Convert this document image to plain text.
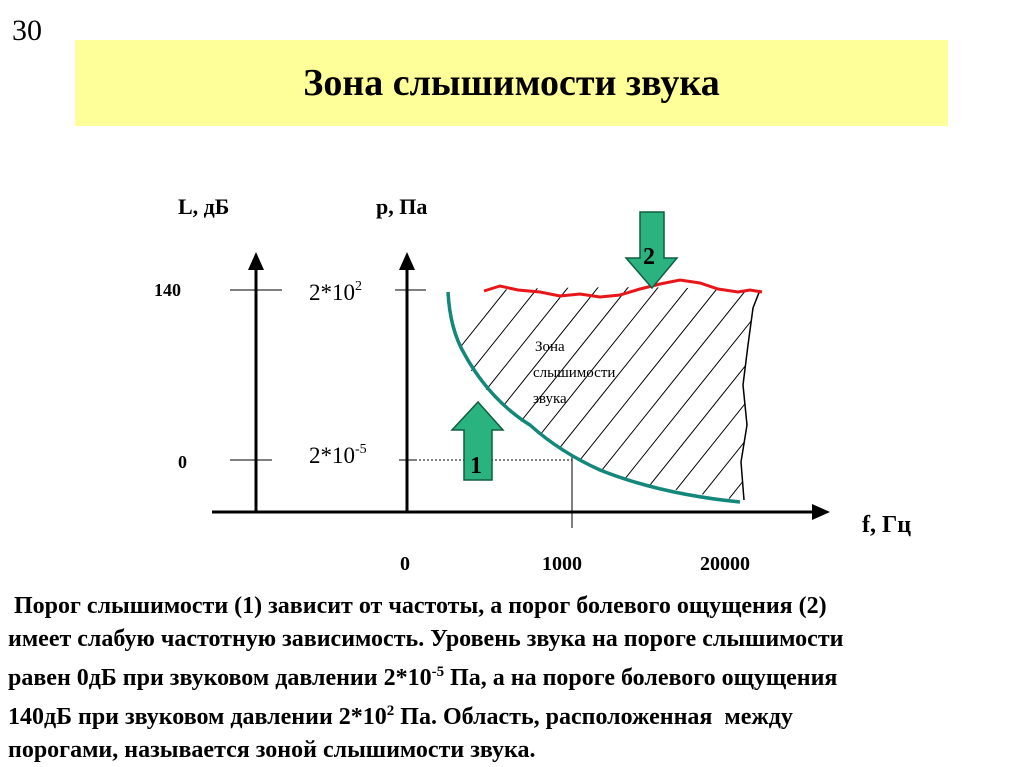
30
Зона слышимости звука
L, дБ	p, Па
f, Гц
140
0
$2*10^2$
$2*10^{-5}$
0	1000	20000
Зона
слышимости
звука
1
2

Порог слышимости (1) зависит от частоты, а порог болевого ощущения (2)

имеет слабую частотную зависимость. Уровень звука на пороге слышимости

равен 0дБ при звуковом давлении $2*10^{-5}$ Па, а на пороге болевого ощущения

140дБ при звуковом давлении $2*10^2$ Па. Область, расположенная  между

порогами, называется зоной слышимости звука.
